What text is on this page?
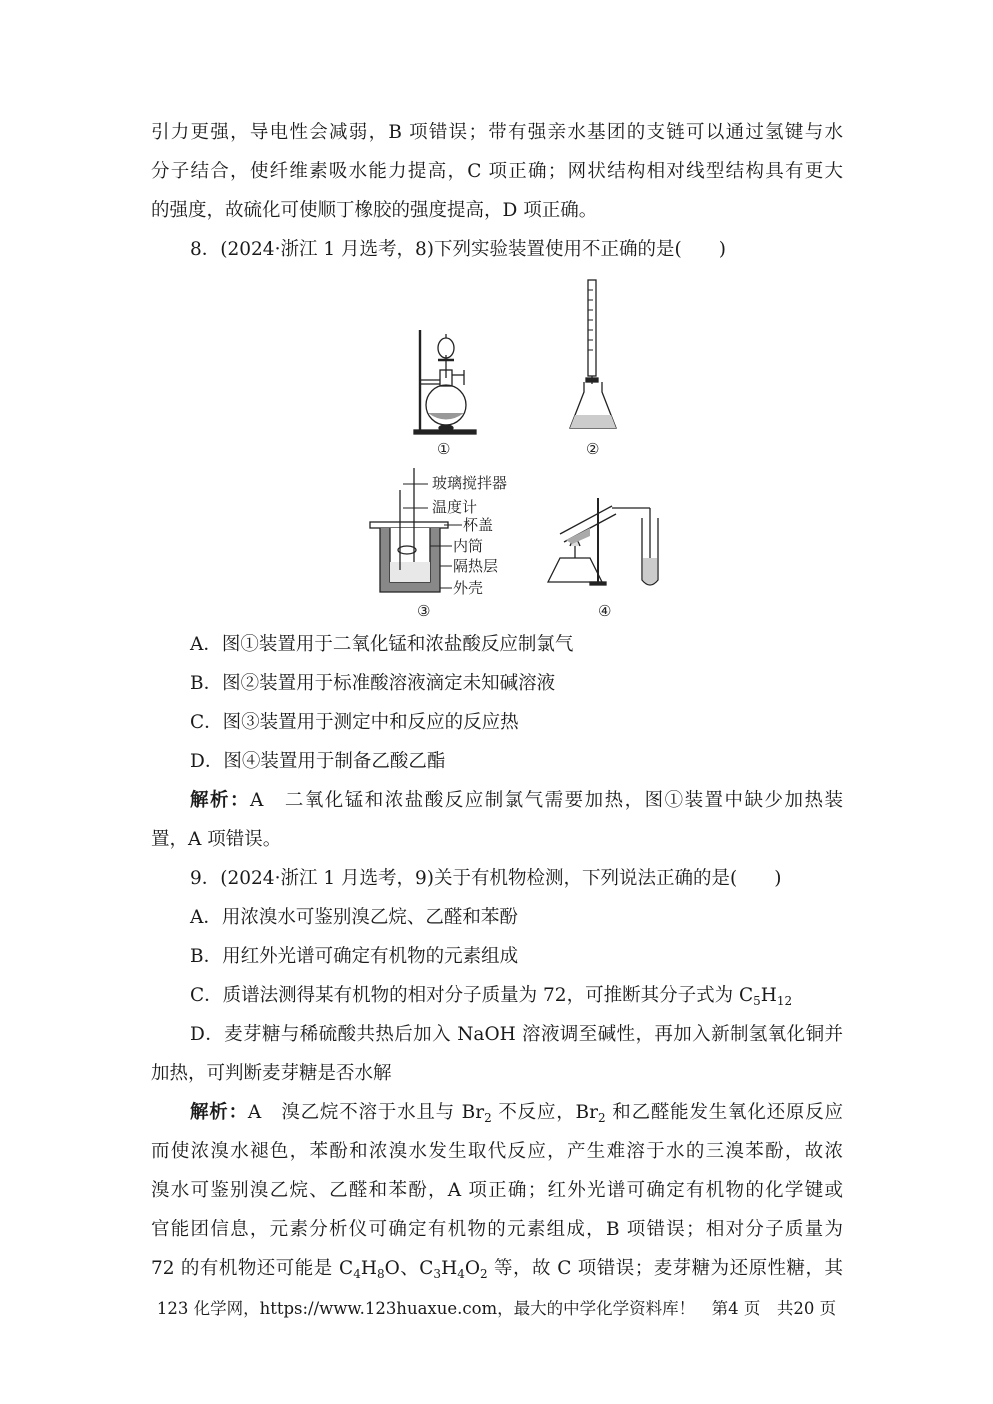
引力更强，导电性会减弱，B 项错误；带有强亲水基团的支链可以通过氢键与水
分子结合，使纤维素吸水能力提高，C 项正确；网状结构相对线型结构具有更大
的强度，故硫化可使顺丁橡胶的强度提高，D 项正确。
8．(2024·浙江 1 月选考，8)下列实验装置使用不正确的是(　　)
①	②
玻璃搅拌器
温度计
杯盖
内筒
隔热层
外壳
③	④
A．图①装置用于二氧化锰和浓盐酸反应制氯气
B．图②装置用于标准酸溶液滴定未知碱溶液
C．图③装置用于测定中和反应的反应热
D．图④装置用于制备乙酸乙酯
解析：A　 二氧化锰和浓盐酸反应制氯气需要加热，图①装置中缺少加热装
置，A 项错误。
9．(2024·浙江 1 月选考，9)关于有机物检测，下列说法正确的是(　　)
A．用浓溴水可鉴别溴乙烷、乙醛和苯酚
B．用红外光谱可确定有机物的元素组成
C．质谱法测得某有机物的相对分子质量为 72，可推断其分子式为 $C_5H_{12}$
D．麦芽糖与稀硫酸共热后加入 NaOH 溶液调至碱性，再加入新制氢氧化铜并
加热，可判断麦芽糖是否水解
解析：A　 溴乙烷不溶于水且与 $Br_2$ 不反应，$Br_2$ 和乙醛能发生氧化还原反应
而使浓溴水褪色，苯酚和浓溴水发生取代反应，产生难溶于水的三溴苯酚，故浓
溴水可鉴别溴乙烷、乙醛和苯酚，A 项正确；红外光谱可确定有机物的化学键或
官能团信息，元素分析仪可确定有机物的元素组成，B 项错误；相对分子质量为
72 的有机物还可能是 $C_4H_8O$、$C_3H_4O_2$ 等，故 C 项错误；麦芽糖为还原性糖，其
123 化学网，https://www.123huaxue.com，最大的中学化学资料库！　第4 页　共20 页
